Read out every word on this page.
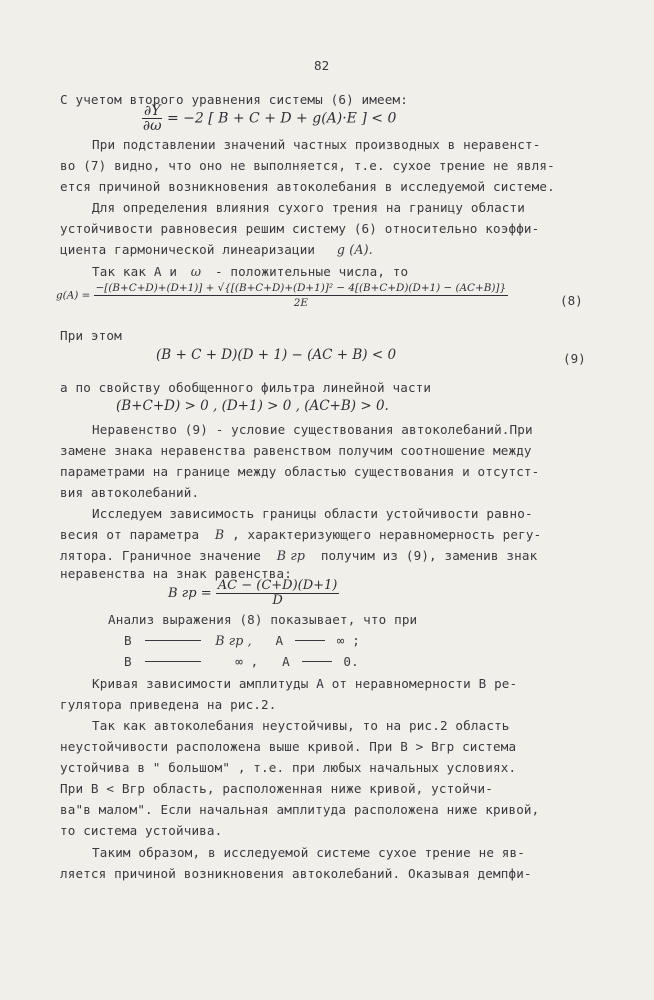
82
С учетом второго уравнения системы (6) имеем:
$\frac{\partial Y}{\partial\omega} = -2$ [ B + C + D + g(A)·E ] < 0
При подставлении значений частных производных в неравенст-
во (7) видно, что оно не выполняется, т.е. сухое трение не явля-
ется причиной возникновения автоколебания в исследуемой системе.
Для определения влияния сухого трения на границу области
устойчивости равновесия решим систему (6) относительно коэффи-
циента гармонической линеаризации g (A).
Так как A и ω - положительные числа, то
g(A) =
−[(B+C+D)+(D+1)] + √{[(B+C+D)+(D+1)]² − 4[(B+C+D)(D+1) − (AC+B)]}
2E	(8)
При этом
(B + C + D)(D + 1) − (AC + B) < 0	(9)
а по свойству обобщенного фильтра линейной части
(B+C+D) > 0 , (D+1) > 0 , (AC+B) > 0.
Неравенство (9) - условие существования автоколебаний.При
замене знака неравенства равенством получим соотношение между
параметрами на границе между областью существования и отсутст-
вия автоколебаний.
Исследуем зависимость границы области устойчивости равно-
весия от параметра B , характеризующего неравномерность регу-
лятора. Граничное значение B гр получим из (9), заменив знак
неравенства на знак равенства:
B гр = $\frac{AC - (C+D)(D+1)}{D}$
Анализ выражения (8) показывает, что при
B	B гр , A	∞ ;
B	∞ , A	0.
Кривая зависимости амплитуды A от неравномерности B ре-
гулятора приведена на рис.2.
Так как автоколебания неустойчивы, то на рис.2 область
неустойчивости расположена выше кривой. При B > Bгр система
устойчива в " большом" , т.е. при любых начальных условиях.
При B < Bгр область, расположенная ниже кривой, устойчи-
ва"в малом". Если начальная амплитуда расположена ниже кривой,
то система устойчива.
Таким образом, в исследуемой системе сухое трение не яв-
ляется причиной возникновения автоколебаний. Оказывая демпфи-
